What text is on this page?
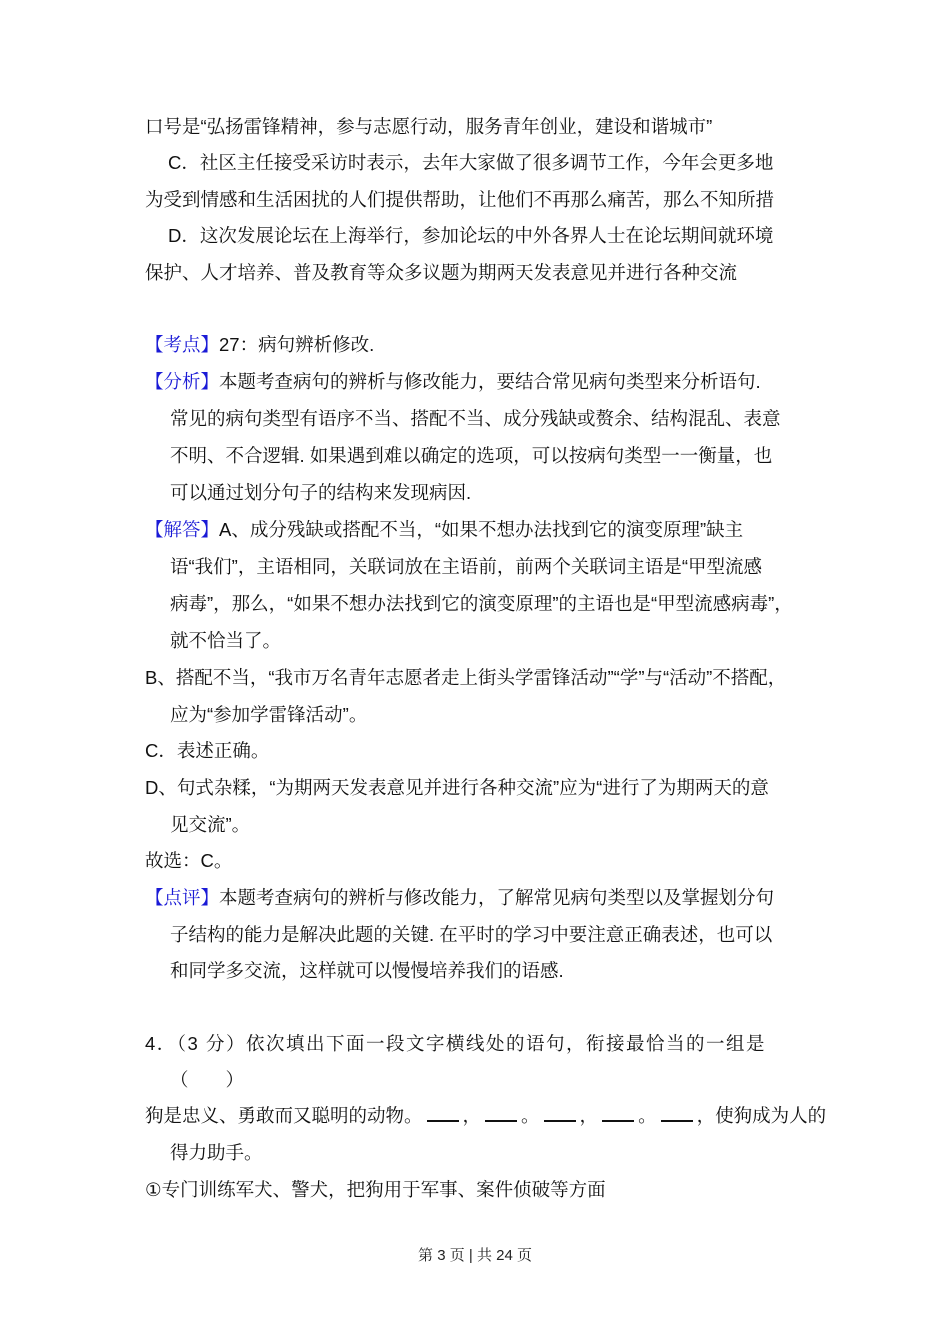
口号是“弘扬雷锋精神，参与志愿行动，服务青年创业，建设和谐城市”
C．社区主任接受采访时表示，去年大家做了很多调节工作，今年会更多地
为受到情感和生活困扰的人们提供帮助，让他们不再那么痛苦，那么不知所措
D．这次发展论坛在上海举行，参加论坛的中外各界人士在论坛期间就环境
保护、人才培养、普及教育等众多议题为期两天发表意见并进行各种交流
【考点】27：病句辨析修改.
【分析】本题考查病句的辨析与修改能力，要结合常见病句类型来分析语句.
常见的病句类型有语序不当、搭配不当、成分残缺或赘余、结构混乱、表意
不明、不合逻辑. 如果遇到难以确定的选项，可以按病句类型一一衡量，也
可以通过划分句子的结构来发现病因.
【解答】A、成分残缺或搭配不当，“如果不想办法找到它的演变原理”缺主
语“我们”，主语相同，关联词放在主语前，前两个关联词主语是“甲型流感
病毒”，那么，“如果不想办法找到它的演变原理”的主语也是“甲型流感病毒”，
就不恰当了。
B、搭配不当，“我市万名青年志愿者走上街头学雷锋活动”“学”与“活动”不搭配，
应为“参加学雷锋活动”。
C．表述正确。
D、句式杂糅，“为期两天发表意见并进行各种交流”应为“进行了为期两天的意
见交流”。
故选：C。
【点评】本题考查病句的辨析与修改能力，了解常见病句类型以及掌握划分句
子结构的能力是解决此题的关键. 在平时的学习中要注意正确表述，也可以
和同学多交流，这样就可以慢慢培养我们的语感.
4．（3 分）依次填出下面一段文字横线处的语句，衔接最恰当的一组是
（　　）
狗是忠义、勇敢而又聪明的动物。 ， 。 ， 。 ，使狗成为人的
得力助手。
①专门训练军犬、警犬，把狗用于军事、案件侦破等方面
第 3 页 | 共 24 页
